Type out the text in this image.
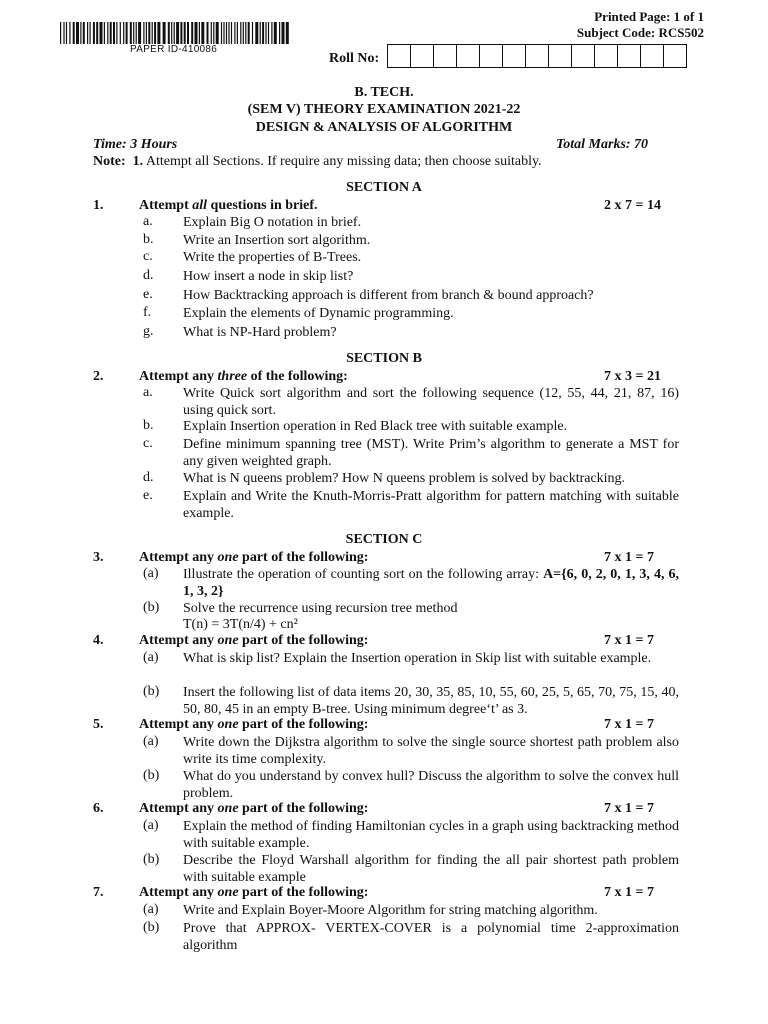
PAPER ID-410086
Printed Page: 1 of 1
Subject Code: RCS502
Roll No:
B. TECH.
(SEM V) THEORY EXAMINATION 2021-22
DESIGN & ANALYSIS OF ALGORITHM
Time: 3 Hours	Total Marks: 70
Note: 1. Attempt all Sections. If require any missing data; then choose suitably.
SECTION A
1.	Attempt all questions in brief.	2 x 7 = 14
a. Explain Big O notation in brief.
b. Write an Insertion sort algorithm.
c. Write the properties of B-Trees.
d. How insert a node in skip list?
e. How Backtracking approach is different from branch & bound approach?
f. Explain the elements of Dynamic programming.
g. What is NP-Hard problem?
SECTION B
2.	Attempt any three of the following:	7 x 3 = 21
a. Write Quick sort algorithm and sort the following sequence (12, 55, 44, 21, 87, 16) using quick sort.
b. Explain Insertion operation in Red Black tree with suitable example.
c. Define minimum spanning tree (MST). Write Prim’s algorithm to generate a MST for any given weighted graph.
d. What is N queens problem? How N queens problem is solved by backtracking.
e. Explain and Write the Knuth-Morris-Pratt algorithm for pattern matching with suitable example.
SECTION C
3.	Attempt any one part of the following:	7 x 1 = 7
(a) Illustrate the operation of counting sort on the following array: A={6, 0, 2, 0, 1, 3, 4, 6, 1, 3, 2}
(b) Solve the recurrence using recursion tree method
T(n) = 3T(n/4) + cn²
4.	Attempt any one part of the following:	7 x 1 = 7
(a) What is skip list? Explain the Insertion operation in Skip list with suitable example.
(b) Insert the following list of data items 20, 30, 35, 85, 10, 55, 60, 25, 5, 65, 70, 75, 15, 40, 50, 80, 45 in an empty B-tree. Using minimum degree‘t’ as 3.
5.	Attempt any one part of the following:	7 x 1 = 7
(a) Write down the Dijkstra algorithm to solve the single source shortest path problem also write its time complexity.
(b) What do you understand by convex hull? Discuss the algorithm to solve the convex hull problem.
6.	Attempt any one part of the following:	7 x 1 = 7
(a) Explain the method of finding Hamiltonian cycles in a graph using backtracking method with suitable example.
(b) Describe the Floyd Warshall algorithm for finding the all pair shortest path problem with suitable example
7.	Attempt any one part of the following:	7 x 1 = 7
(a) Write and Explain Boyer-Moore Algorithm for string matching algorithm.
(b) Prove that APPROX- VERTEX-COVER is a polynomial time 2-approximation algorithm
